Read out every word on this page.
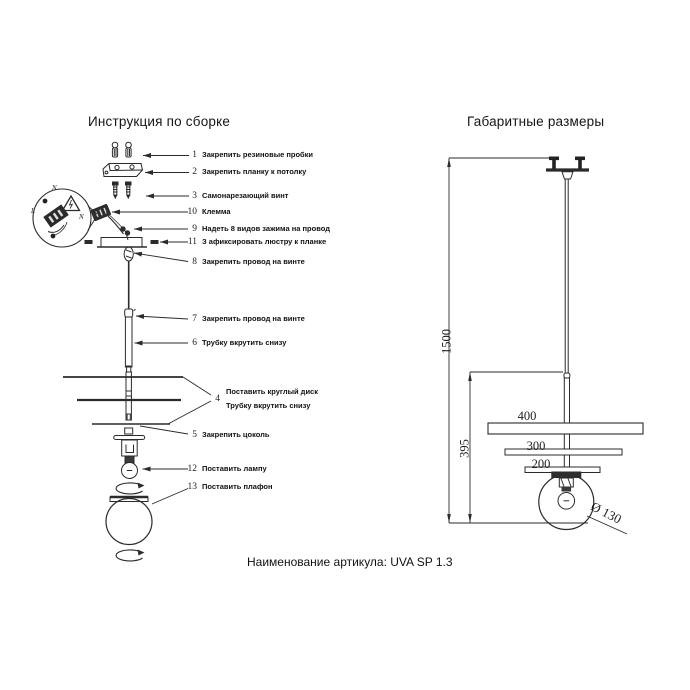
Инструкция по сборке	Габаритные размеры
1 Закрепить резиновые пробки
2 Закрепить планку к потолку
3 Самонарезающий винт
10 Клемма
9 Надеть 8 видов зажима на провод
11 З афиксировать люстру к планке
8 Закрепить провод на винте
7 Закрепить провод на винте
6 Трубку вкрутить снизу
4
Поставить круглый диск
Трубку вкрутить снизу
5 Закрепить цоколь
12 Поставить лампу
13 Поставить плафон
N
L
N
400
300
200
1500
395
Ø 130
Наименование артикула: UVA SP 1.3
